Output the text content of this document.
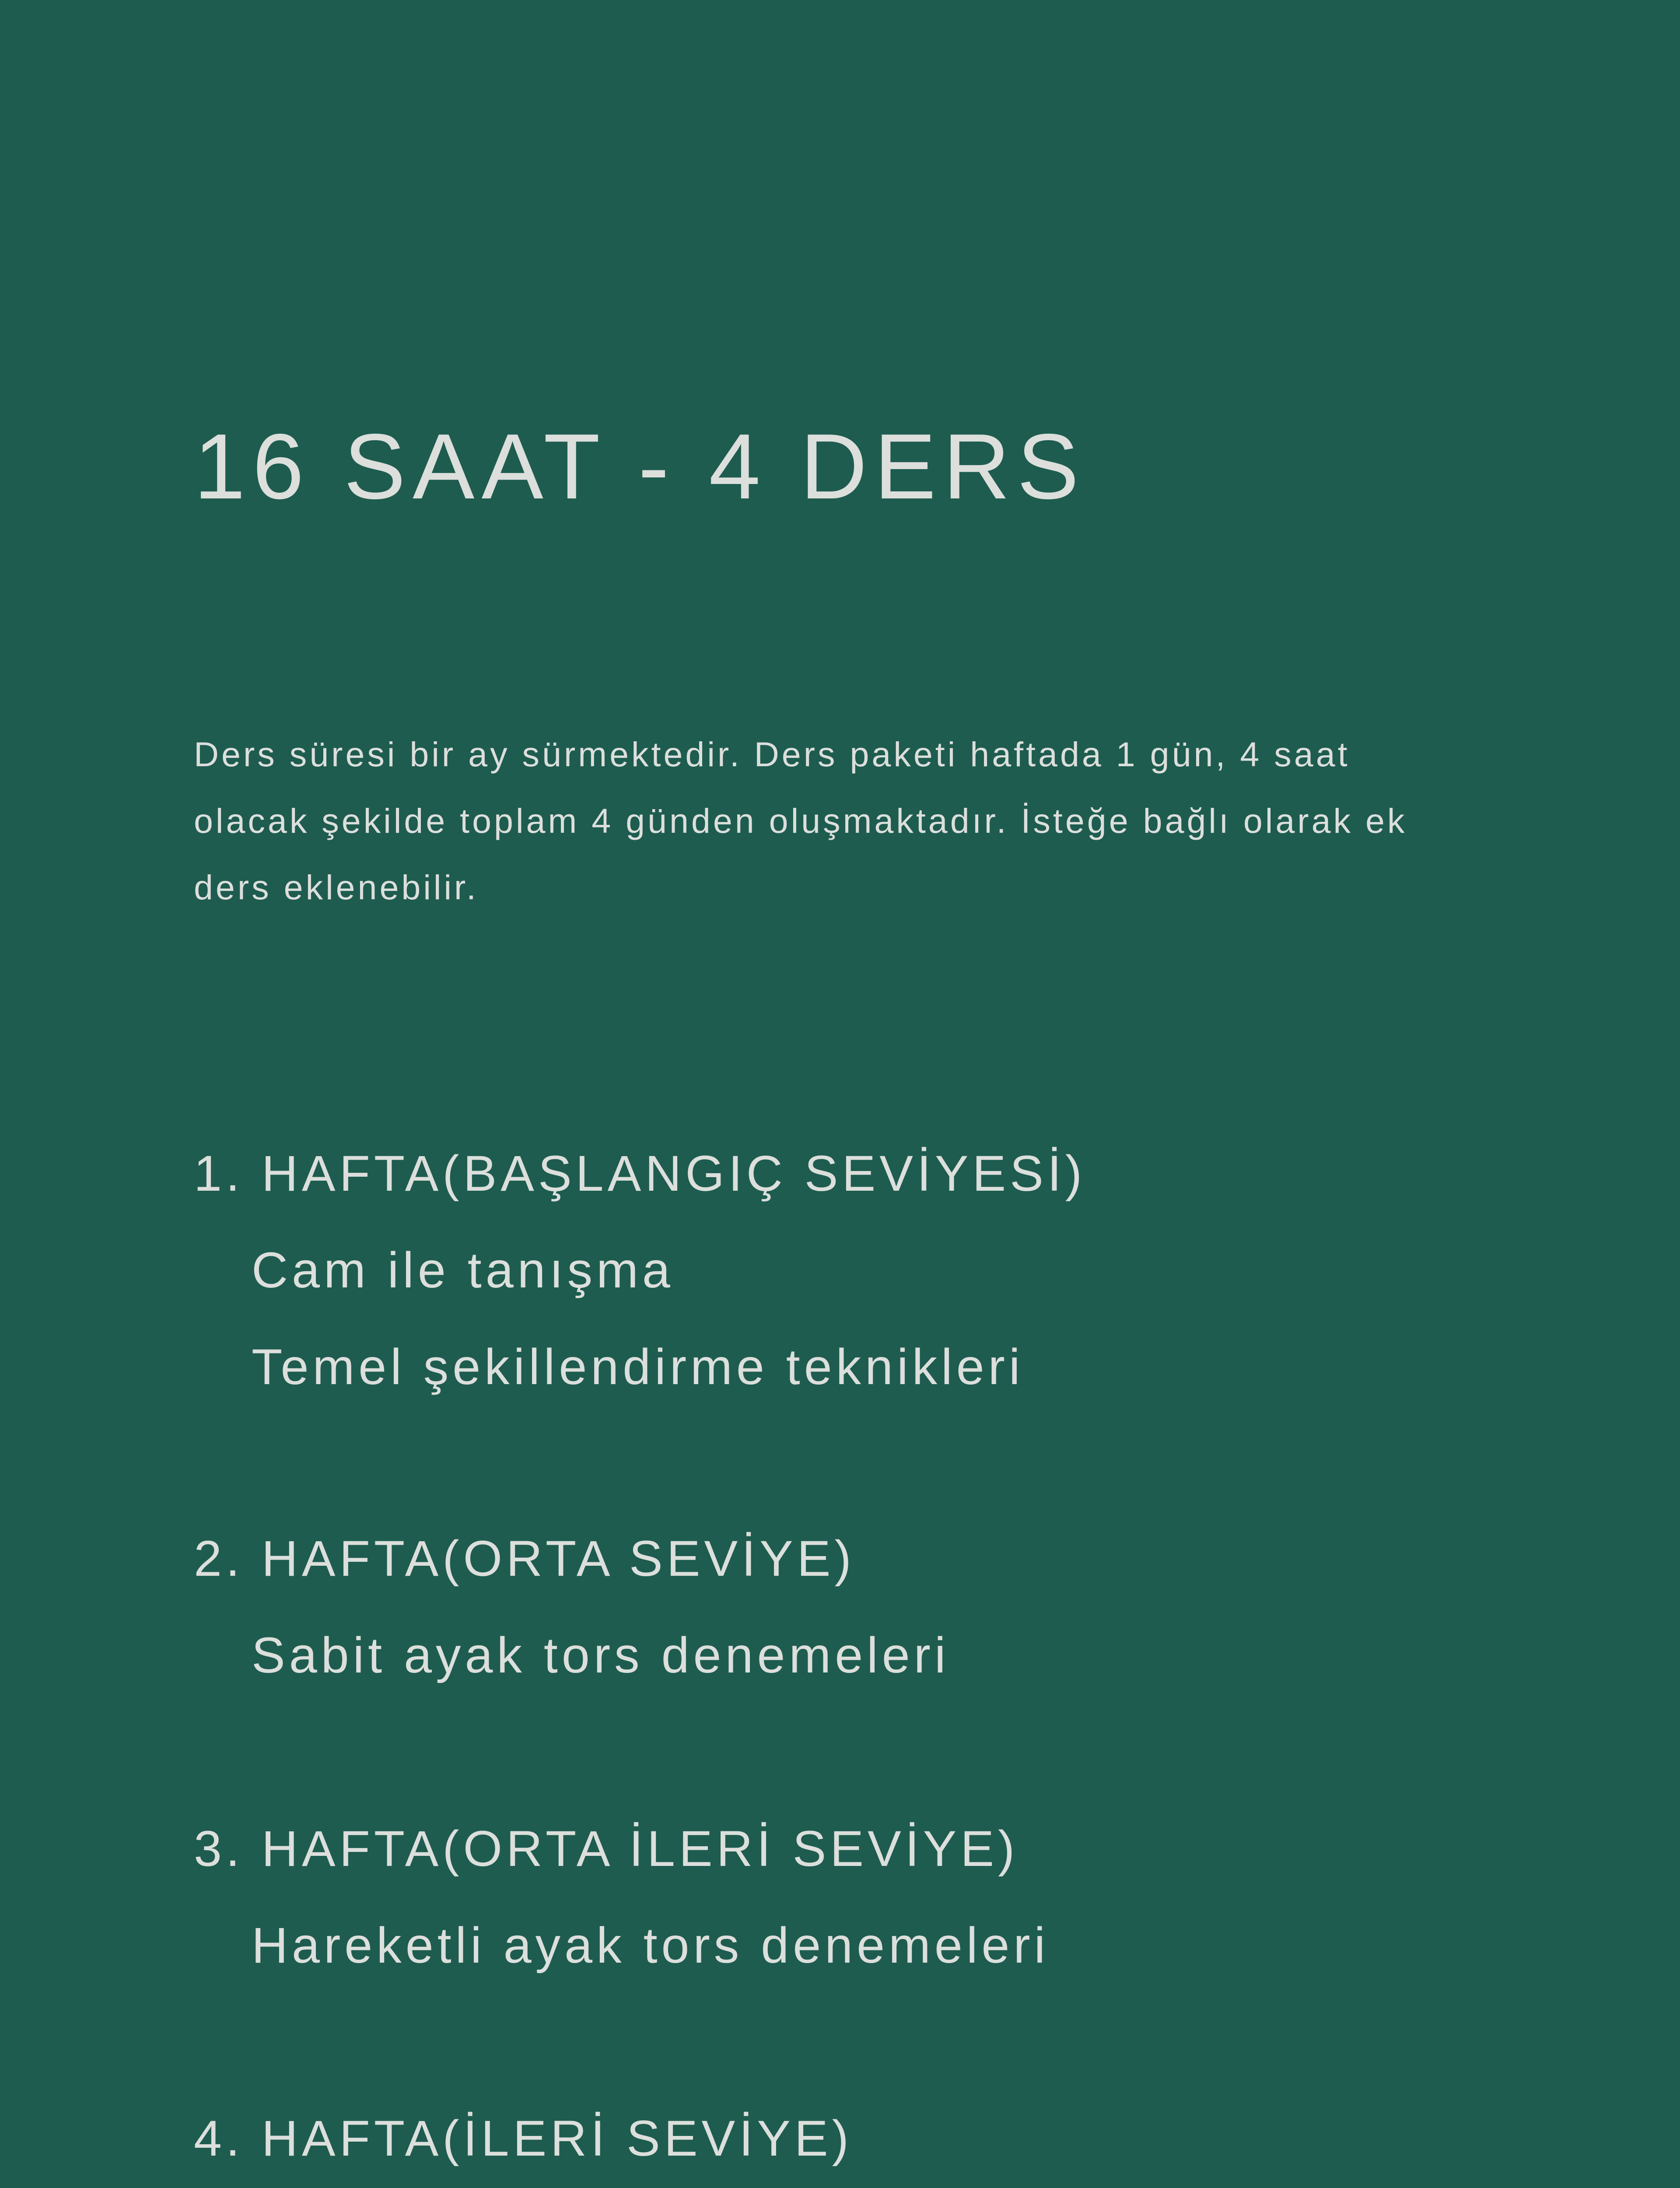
16 SAAT - 4 DERS

Ders süresi bir ay sürmektedir. Ders paketi haftada 1 gün, 4 saat
olacak şekilde toplam 4 günden oluşmaktadır. İsteğe bağlı olarak ek
ders eklenebilir.

1. HAFTA(BAŞLANGIÇ SEVİYESİ)
Cam ile tanışma
Temel şekillendirme teknikleri
2. HAFTA(ORTA SEVİYE)
Sabit ayak tors denemeleri
3. HAFTA(ORTA İLERİ SEVİYE)
Hareketli ayak tors denemeleri
4. HAFTA(İLERİ SEVİYE)
